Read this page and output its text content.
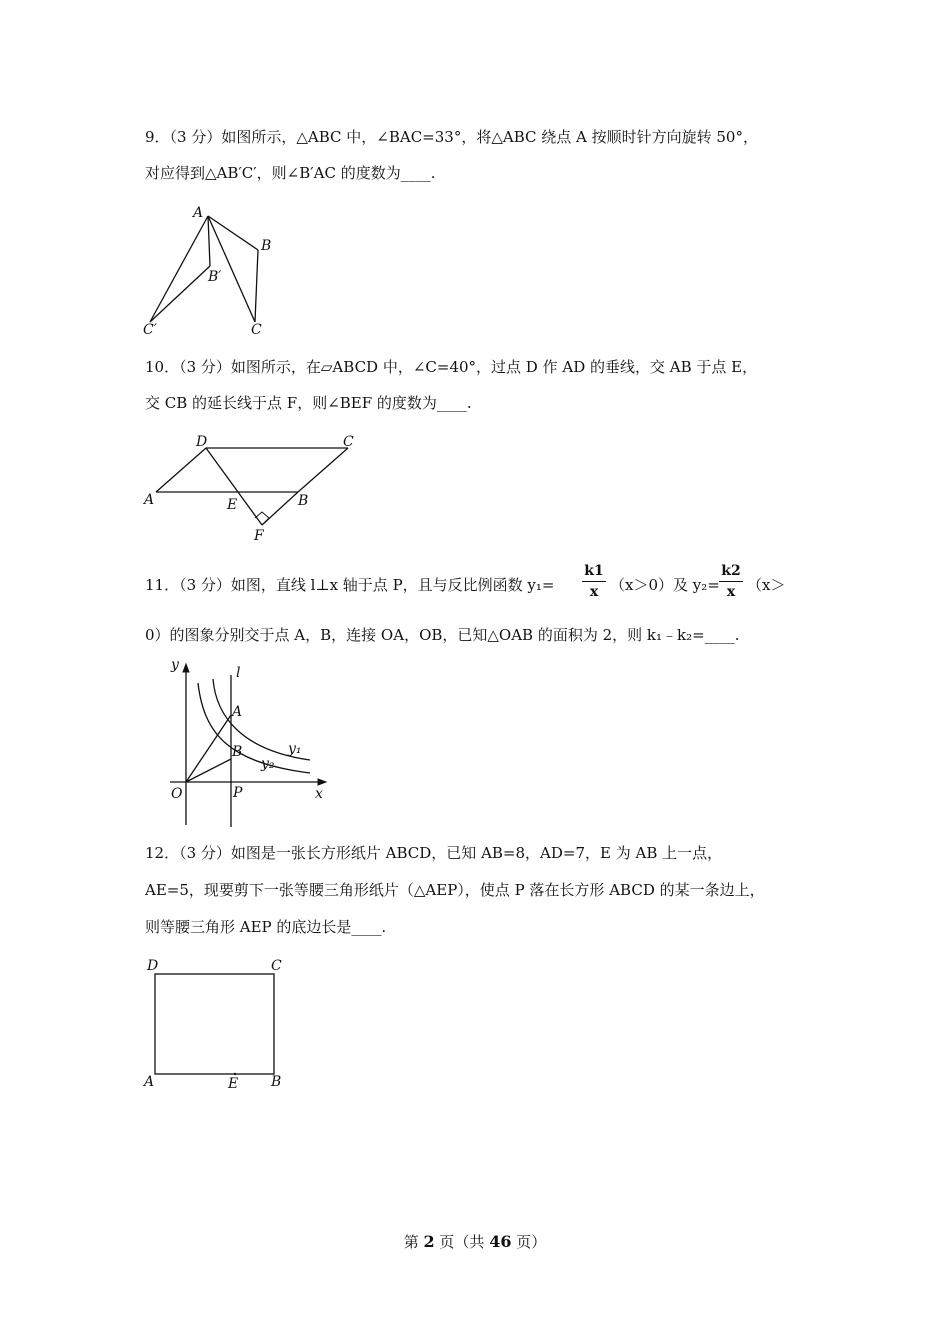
9．（3 分）如图所示，△ABC 中，∠BAC=33°，将△ABC 绕点 A 按顺时针方向旋转 50°，
对应得到△AB′C′，则∠B′AC 的度数为____.
A
B
B′
C
C′
10．（3 分）如图所示，在▱ABCD 中，∠C=40°，过点 D 作 AD 的垂线，交 AB 于点 E，
交 CB 的延长线于点 F，则∠BEF 的度数为____.
D	C
A	E	B
F
11．（3 分）如图，直线 l⊥x 轴于点 P，且与反比例函数 $y_1= \frac{k1}{x} (x>0)$及 $y_2= \frac{k2}{x} (x>$
0）的图象分别交于点 A，B，连接 OA，OB，已知△OAB 的面积为 2，则 k₁﹣k₂=____.
y	l
A
B	y₁
y₂
O	P	x
12．（3 分）如图是一张长方形纸片 ABCD，已知 AB=8，AD=7，E 为 AB 上一点，
AE=5，现要剪下一张等腰三角形纸片（△AEP），使点 P 落在长方形 ABCD 的某一条边上，
则等腰三角形 AEP 的底边长是____.
D	C
A	E B
第 2 页（共 46 页）
